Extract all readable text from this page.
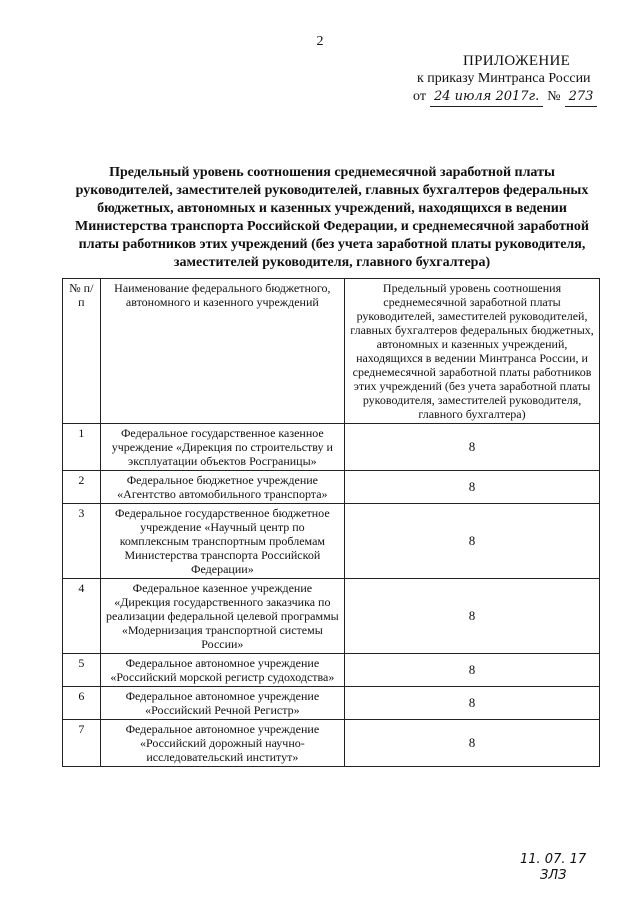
2
ПРИЛОЖЕНИЕ
к приказу Минтранса России
от 24 июля 2017г. № 273
Предельный уровень соотношения среднемесячной заработной платы руководителей, заместителей руководителей, главных бухгалтеров федеральных бюджетных, автономных и казенных учреждений, находящихся в ведении Министерства транспорта Российской Федерации, и среднемесячной заработной платы работников этих учреждений (без учета заработной платы руководителя, заместителей руководителя, главного бухгалтера)
№ п/п	Наименование федерального бюджетного, автономного и казенного учреждений	Предельный уровень соотношения среднемесячной заработной платы руководителей, заместителей руководителей, главных бухгалтеров федеральных бюджетных, автономных и казенных учреждений, находящихся в ведении Минтранса России, и среднемесячной заработной платы работников этих учреждений (без учета заработной платы руководителя, заместителей руководителя, главного бухгалтера)
1	Федеральное государственное казенное учреждение «Дирекция по строительству и эксплуатации объектов Росграницы»	8
2	Федеральное бюджетное учреждение «Агентство автомобильного транспорта»	8
3	Федеральное государственное бюджетное учреждение «Научный центр по комплексным транспортным проблемам Министерства транспорта Российской Федерации»	8
4	Федеральное казенное учреждение «Дирекция государственного заказчика по реализации федеральной целевой программы «Модернизация транспортной системы России»	8
5	Федеральное автономное учреждение «Российский морской регистр судоходства»	8
6	Федеральное автономное учреждение «Российский Речной Регистр»	8
7	Федеральное автономное учреждение «Российский дорожный научно-исследовательский институт»	8
11. 07. 17
ЗЛЗ
